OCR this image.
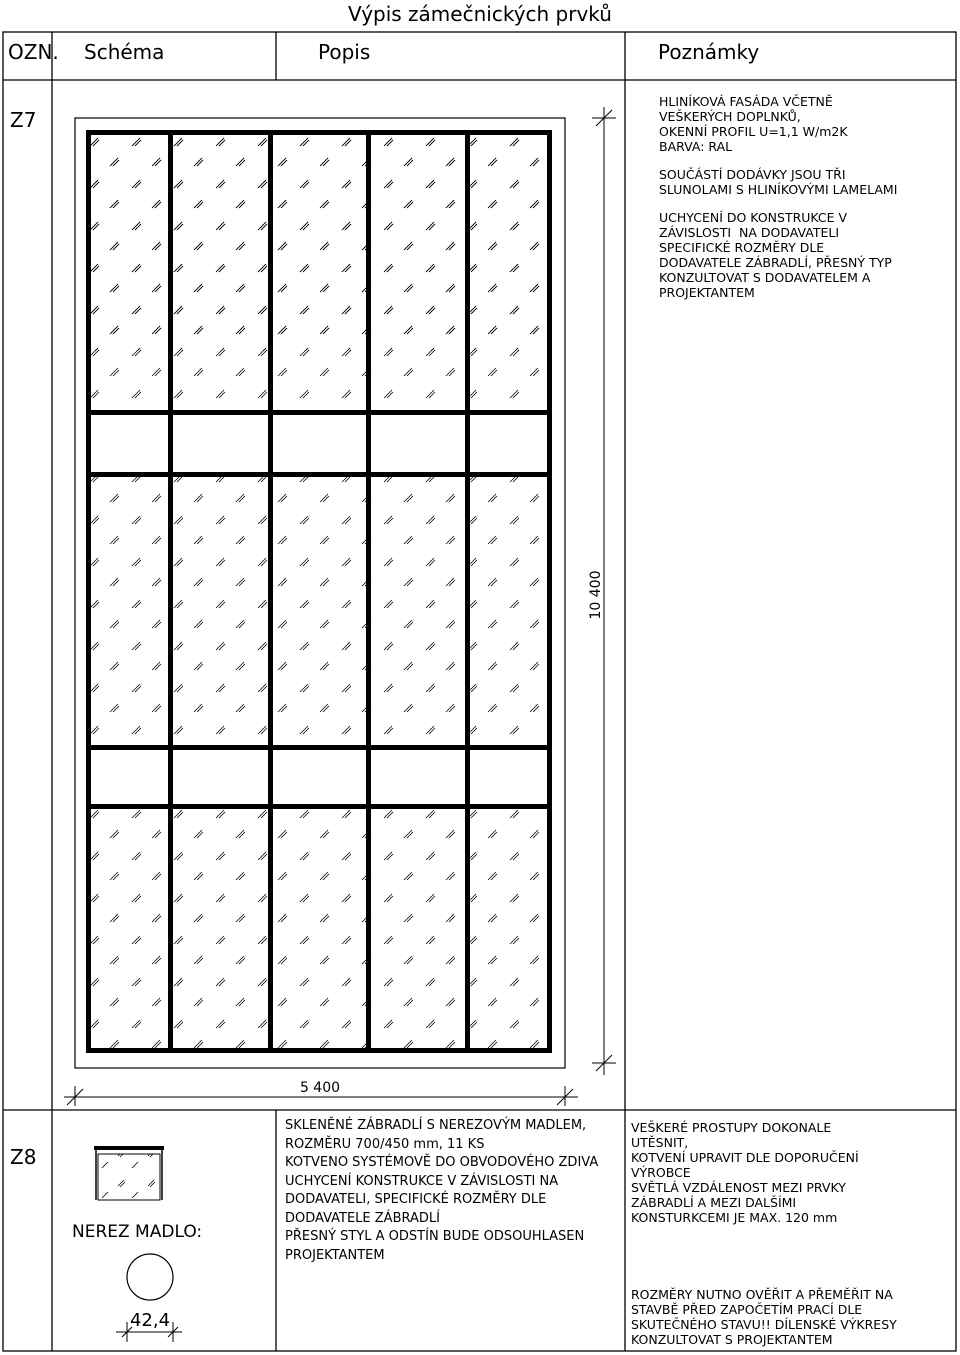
Výpis zámečnických prvků
OZN. Schéma	Popis	Poznámky
Z7
10 400
5 400
HLINÍKOVÁ FASÁDA VČETNĚ
VEŠKERÝCH DOPLNKŮ,
OKENNÍ PROFIL U=1,1 W/m2K
BARVA: RAL
SOUČÁSTÍ DODÁVKY JSOU TŘI
SLUNOLAMI S HLINÍKOVÝMI LAMELAMI
UCHYCENÍ DO KONSTRUKCE V
ZÁVISLOSTI  NA DODAVATELI
SPECIFICKÉ ROZMĚRY DLE
DODAVATELE ZÁBRADLÍ, PŘESNÝ TYP
KONZULTOVAT S DODAVATELEM A
PROJEKTANTEM
Z8
42,4
NEREZ MADLO:
SKLENĚNÉ ZÁBRADLÍ S NEREZOVÝM MADLEM,
ROZMĚRU 700/450 mm, 11 KS
KOTVENO SYSTÉMOVĚ DO OBVODOVÉHO ZDIVA
UCHYCENÍ KONSTRUKCE V ZÁVISLOSTI NA
DODAVATELI, SPECIFICKÉ ROZMĚRY DLE
DODAVATELE ZÁBRADLÍ
PŘESNÝ STYL A ODSTÍN BUDE ODSOUHLASEN
PROJEKTANTEM
VEŠKERÉ PROSTUPY DOKONALE
UTĚSNIT,
KOTVENÍ UPRAVIT DLE DOPORUČENÍ
VÝROBCE
SVĚTLÁ VZDÁLENOST MEZI PRVKY
ZÁBRADLÍ A MEZI DALŠÍMI
KONSTURKCEMI JE MAX. 120 mm
ROZMĚRY NUTNO OVĚŘIT A PŘEMĚŘIT NA
STAVBĚ PŘED ZAPOČETÍM PRACÍ DLE
SKUTEČNÉHO STAVU!! DÍLENSKÉ VÝKRESY
KONZULTOVAT S PROJEKTANTEM
